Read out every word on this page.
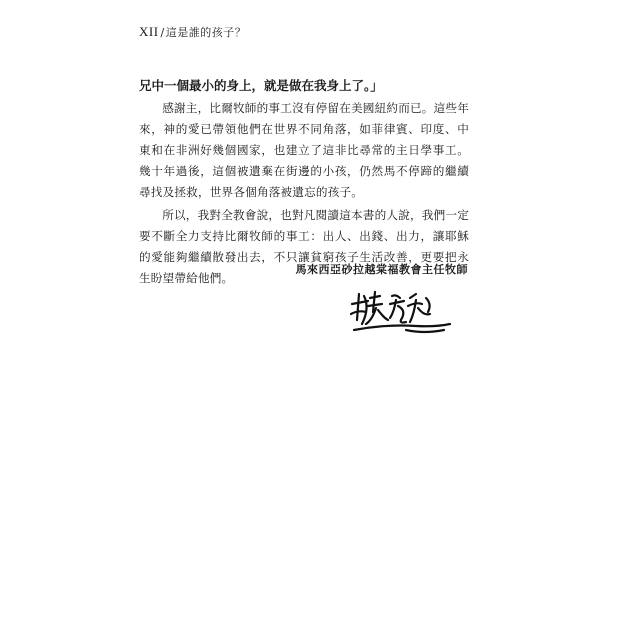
XII /這是誰的孩子？

兄中一個最小的身上，就是做在我身上了。」

感謝主，比爾牧師的事工沒有停留在美國紐約而已。這些年來，神的愛已帶領他們在世界不同角落，如菲律賓、印度、中東和在非洲好幾個國家，也建立了這非比尋常的主日學事工。幾十年過後，這個被遺棄在街邊的小孩，仍然馬不停蹄的繼續尋找及拯救，世界各個角落被遺忘的孩子。

所以，我對全教會說，也對凡閱讀這本書的人說，我們一定要不斷全力支持比爾牧師的事工：出人、出錢、出力，讓耶穌的愛能夠繼續散發出去，不只讓貧窮孩子生活改善，更要把永生盼望帶給他們。

馬來西亞砂拉越棠福教會主任牧師
